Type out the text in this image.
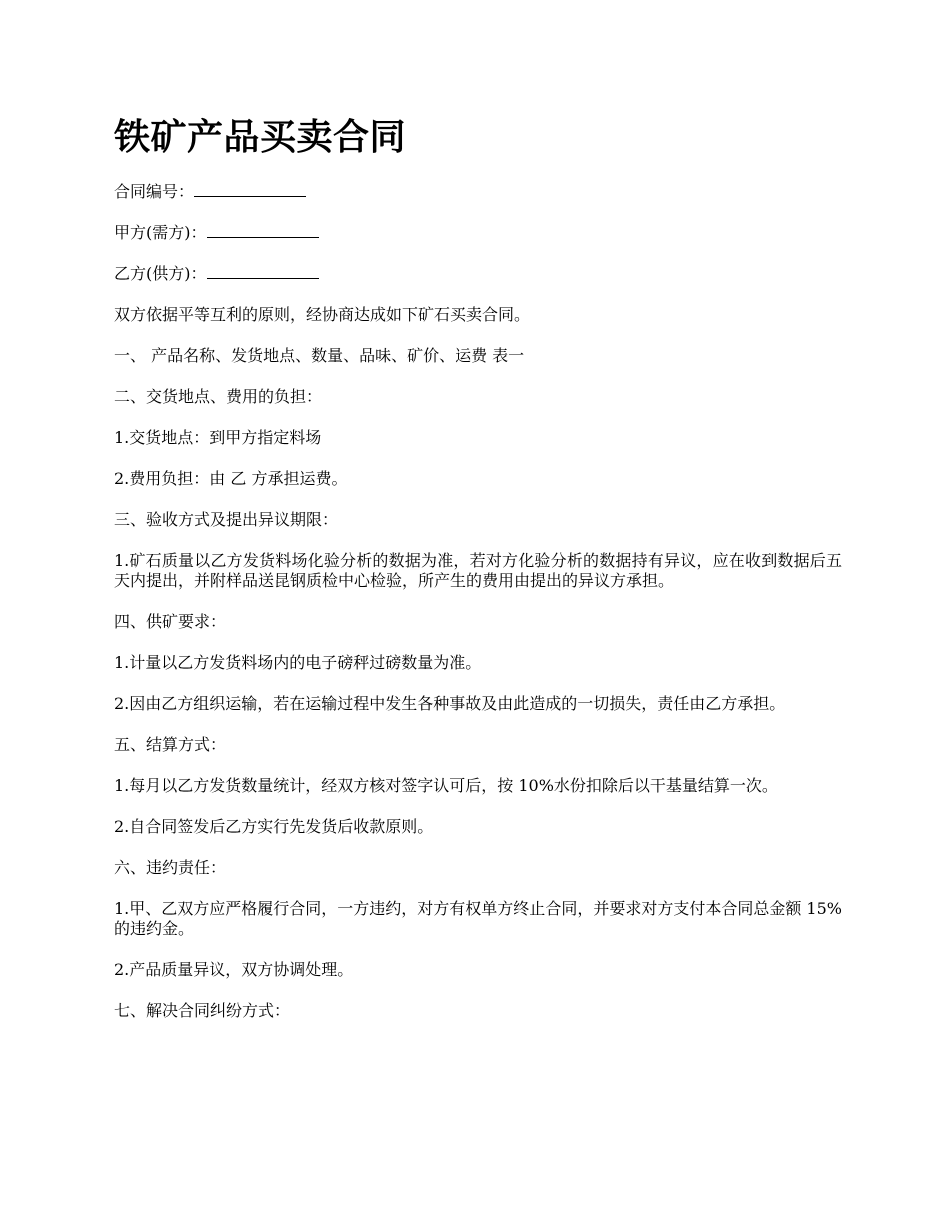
铁矿产品买卖合同

合同编号：

甲方(需方)：

乙方(供方)：

双方依据平等互利的原则，经协商达成如下矿石买卖合同。

一、 产品名称、发货地点、数量、品味、矿价、运费 表一

二、交货地点、费用的负担：

1.交货地点：到甲方指定料场

2.费用负担：由 乙 方承担运费。

三、验收方式及提出异议期限：

1.矿石质量以乙方发货料场化验分析的数据为准，若对方化验分析的数据持有异议，应在收到数据后五天内提出，并附样品送昆钢质检中心检验，所产生的费用由提出的异议方承担。

四、供矿要求：

1.计量以乙方发货料场内的电子磅秤过磅数量为准。

2.因由乙方组织运输，若在运输过程中发生各种事故及由此造成的一切损失，责任由乙方承担。

五、结算方式：

1.每月以乙方发货数量统计，经双方核对签字认可后，按 10%水份扣除后以干基量结算一次。

2.自合同签发后乙方实行先发货后收款原则。

六、违约责任：

1.甲、乙双方应严格履行合同，一方违约，对方有权单方终止合同，并要求对方支付本合同总金额 15%的违约金。

2.产品质量异议，双方协调处理。

七、解决合同纠纷方式：
